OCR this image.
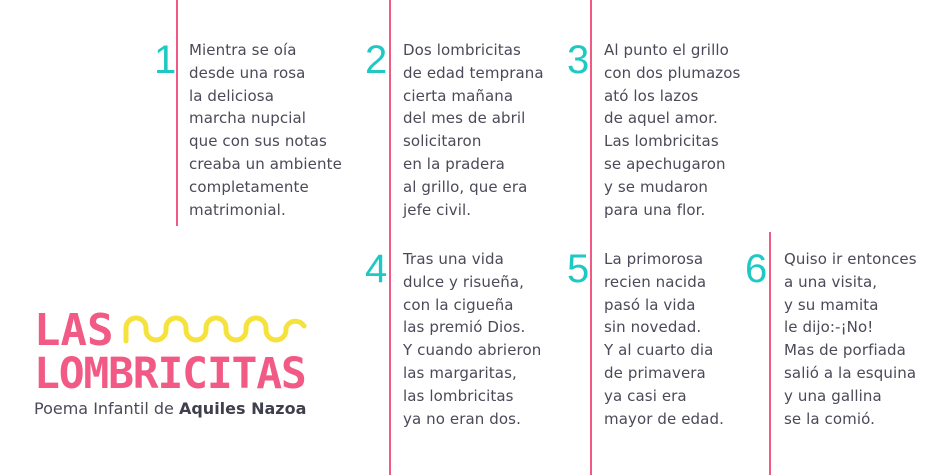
1	2	3
4	5	6
Mientra se oía
desde una rosa
la deliciosa
marcha nupcial
que con sus notas
creaba un ambiente
completamente
matrimonial.
Dos lombricitas
de edad temprana
cierta mañana
del mes de abril
solicitaron
en la pradera
al grillo, que era
jefe civil.
Al punto el grillo
con dos plumazos
ató los lazos
de aquel amor.
Las lombricitas
se apechugaron
y se mudaron
para una flor.
Tras una vida
dulce y risueña,
con la cigueña
las premió Dios.
Y cuando abrieron
las margaritas,
las lombricitas
ya no eran dos.
La primorosa
recien nacida
pasó la vida
sin novedad.
Y al cuarto dia
de primavera
ya casi era
mayor de edad.
Quiso ir entonces
a una visita,
y su mamita
le dijo:-¡No!
Mas de porfiada
salió a la esquina
y una gallina
se la comió.
LAS
LOMBRICITAS
Poema Infantil de Aquiles Nazoa
